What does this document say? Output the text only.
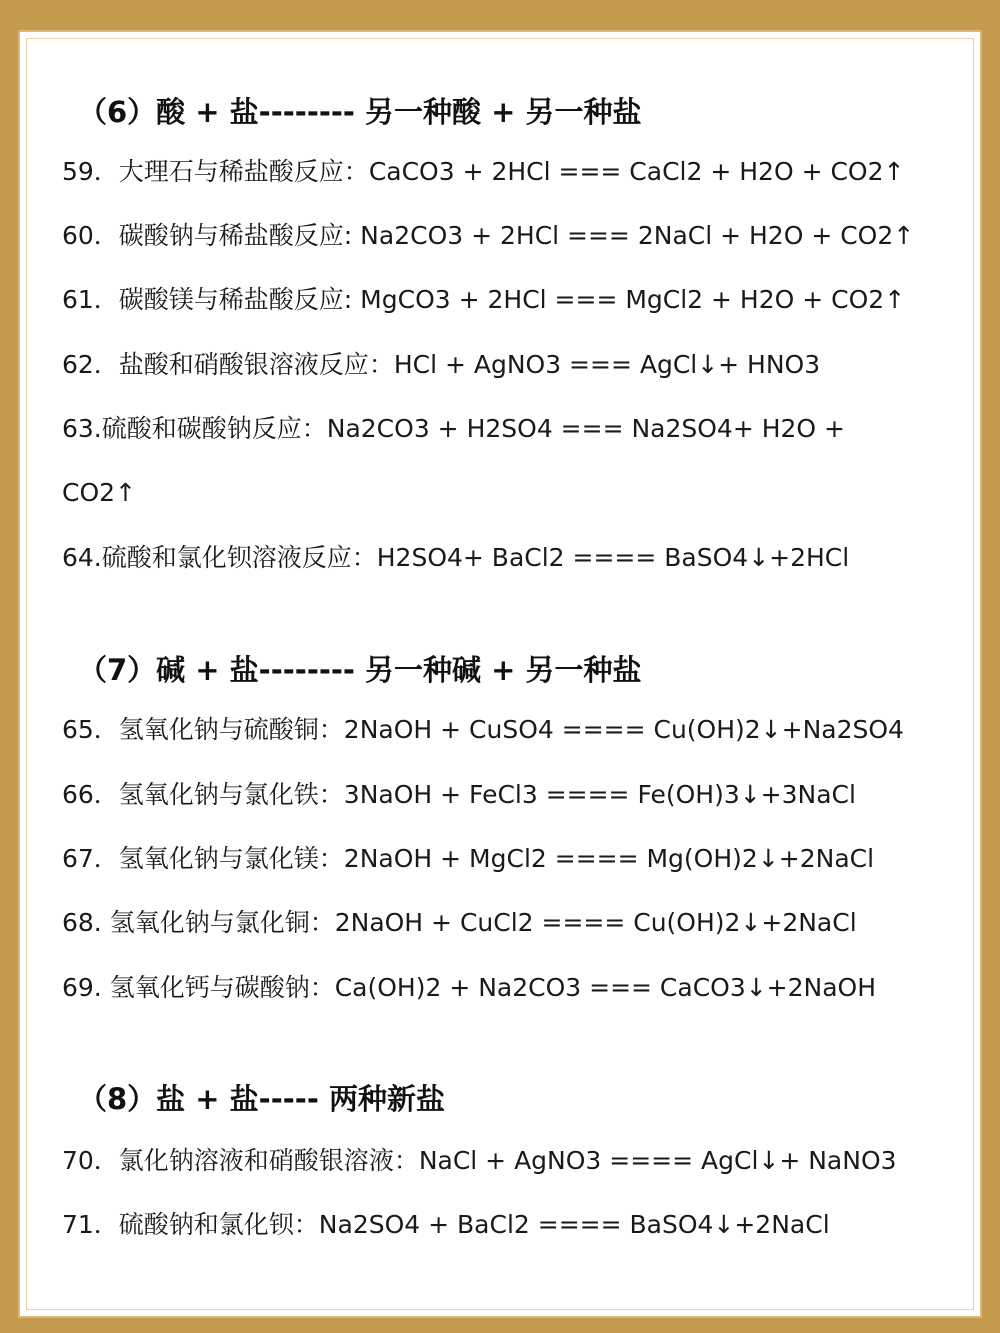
（6）酸 + 盐-------- 另一种酸 + 另一种盐
59．大理石与稀盐酸反应：CaCO3 + 2HCl === CaCl2 + H2O + CO2↑
60．碳酸钠与稀盐酸反应: Na2CO3 + 2HCl === 2NaCl + H2O + CO2↑
61．碳酸镁与稀盐酸反应: MgCO3 + 2HCl === MgCl2 + H2O + CO2↑
62．盐酸和硝酸银溶液反应：HCl + AgNO3 === AgCl↓+ HNO3
63.硫酸和碳酸钠反应：Na2CO3 + H2SO4 === Na2SO4+ H2O +
CO2↑
64.硫酸和氯化钡溶液反应：H2SO4+ BaCl2 ==== BaSO4↓+2HCl
（7）碱 + 盐-------- 另一种碱 + 另一种盐
65．氢氧化钠与硫酸铜：2NaOH + CuSO4 ==== Cu(OH)2↓+Na2SO4
66．氢氧化钠与氯化铁：3NaOH + FeCl3 ==== Fe(OH)3↓+3NaCl
67．氢氧化钠与氯化镁：2NaOH + MgCl2 ==== Mg(OH)2↓+2NaCl
68. 氢氧化钠与氯化铜：2NaOH + CuCl2 ==== Cu(OH)2↓+2NaCl
69. 氢氧化钙与碳酸钠：Ca(OH)2 + Na2CO3 === CaCO3↓+2NaOH
（8）盐 + 盐----- 两种新盐
70．氯化钠溶液和硝酸银溶液：NaCl + AgNO3 ==== AgCl↓+ NaNO3
71．硫酸钠和氯化钡：Na2SO4 + BaCl2 ==== BaSO4↓+2NaCl
